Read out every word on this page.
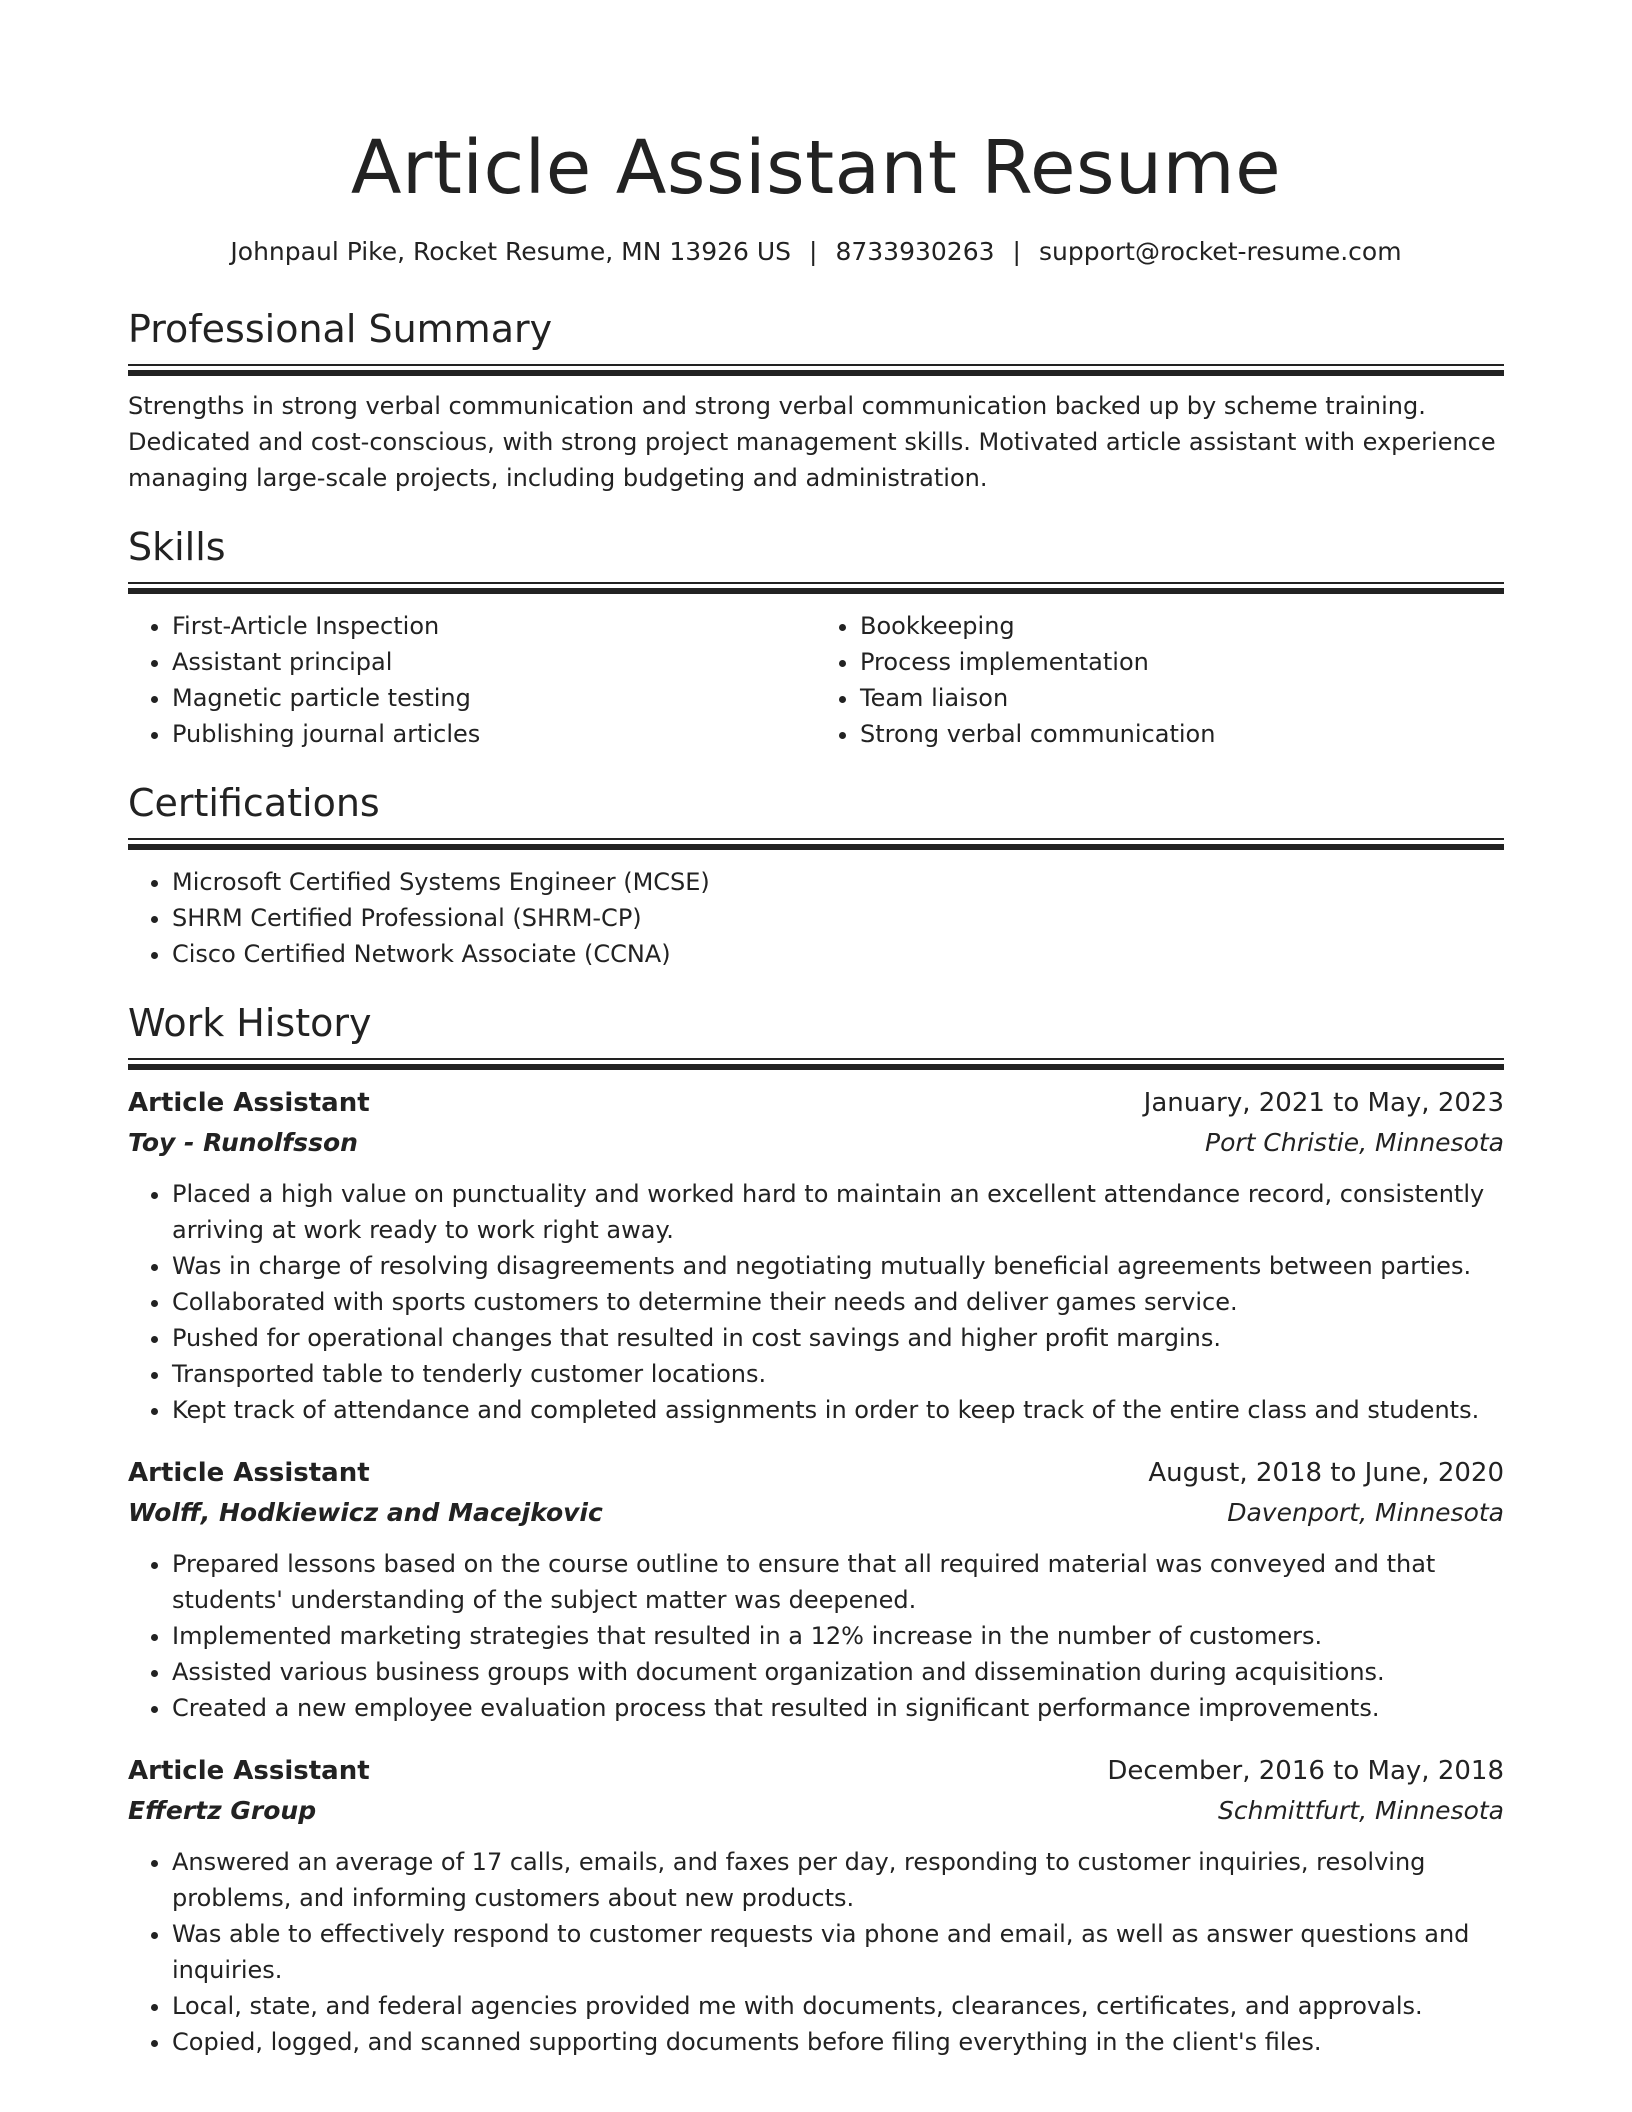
Article Assistant Resume
Johnpaul Pike, Rocket Resume, MN 13926 US | 8733930263 | support@rocket-resume.com
Professional Summary

Strengths in strong verbal communication and strong verbal communication backed up by scheme training. Dedicated and cost-conscious, with strong project management skills. Motivated article assistant with experience managing large-scale projects, including budgeting and administration.

Skills
• First-Article Inspection
• Assistant principal
• Magnetic particle testing
• Publishing journal articles
• Bookkeeping
• Process implementation
• Team liaison
• Strong verbal communication
Certifications
• Microsoft Certified Systems Engineer (MCSE)
• SHRM Certified Professional (SHRM-CP)
• Cisco Certified Network Associate (CCNA)
Work History
Article Assistant	January, 2021 to May, 2023
Toy - Runolfsson	Port Christie, Minnesota
• Placed a high value on punctuality and worked hard to maintain an excellent attendance record, consistently arriving at work ready to work right away.
• Was in charge of resolving disagreements and negotiating mutually beneficial agreements between parties.
• Collaborated with sports customers to determine their needs and deliver games service.
• Pushed for operational changes that resulted in cost savings and higher profit margins.
• Transported table to tenderly customer locations.
• Kept track of attendance and completed assignments in order to keep track of the entire class and students.
Article Assistant	August, 2018 to June, 2020
Wolff, Hodkiewicz and Macejkovic	Davenport, Minnesota
• Prepared lessons based on the course outline to ensure that all required material was conveyed and that students' understanding of the subject matter was deepened.
• Implemented marketing strategies that resulted in a 12% increase in the number of customers.
• Assisted various business groups with document organization and dissemination during acquisitions.
• Created a new employee evaluation process that resulted in significant performance improvements.
Article Assistant	December, 2016 to May, 2018
Effertz Group	Schmittfurt, Minnesota
• Answered an average of 17 calls, emails, and faxes per day, responding to customer inquiries, resolving problems, and informing customers about new products.
• Was able to effectively respond to customer requests via phone and email, as well as answer questions and inquiries.
• Local, state, and federal agencies provided me with documents, clearances, certificates, and approvals.
• Copied, logged, and scanned supporting documents before filing everything in the client's files.
